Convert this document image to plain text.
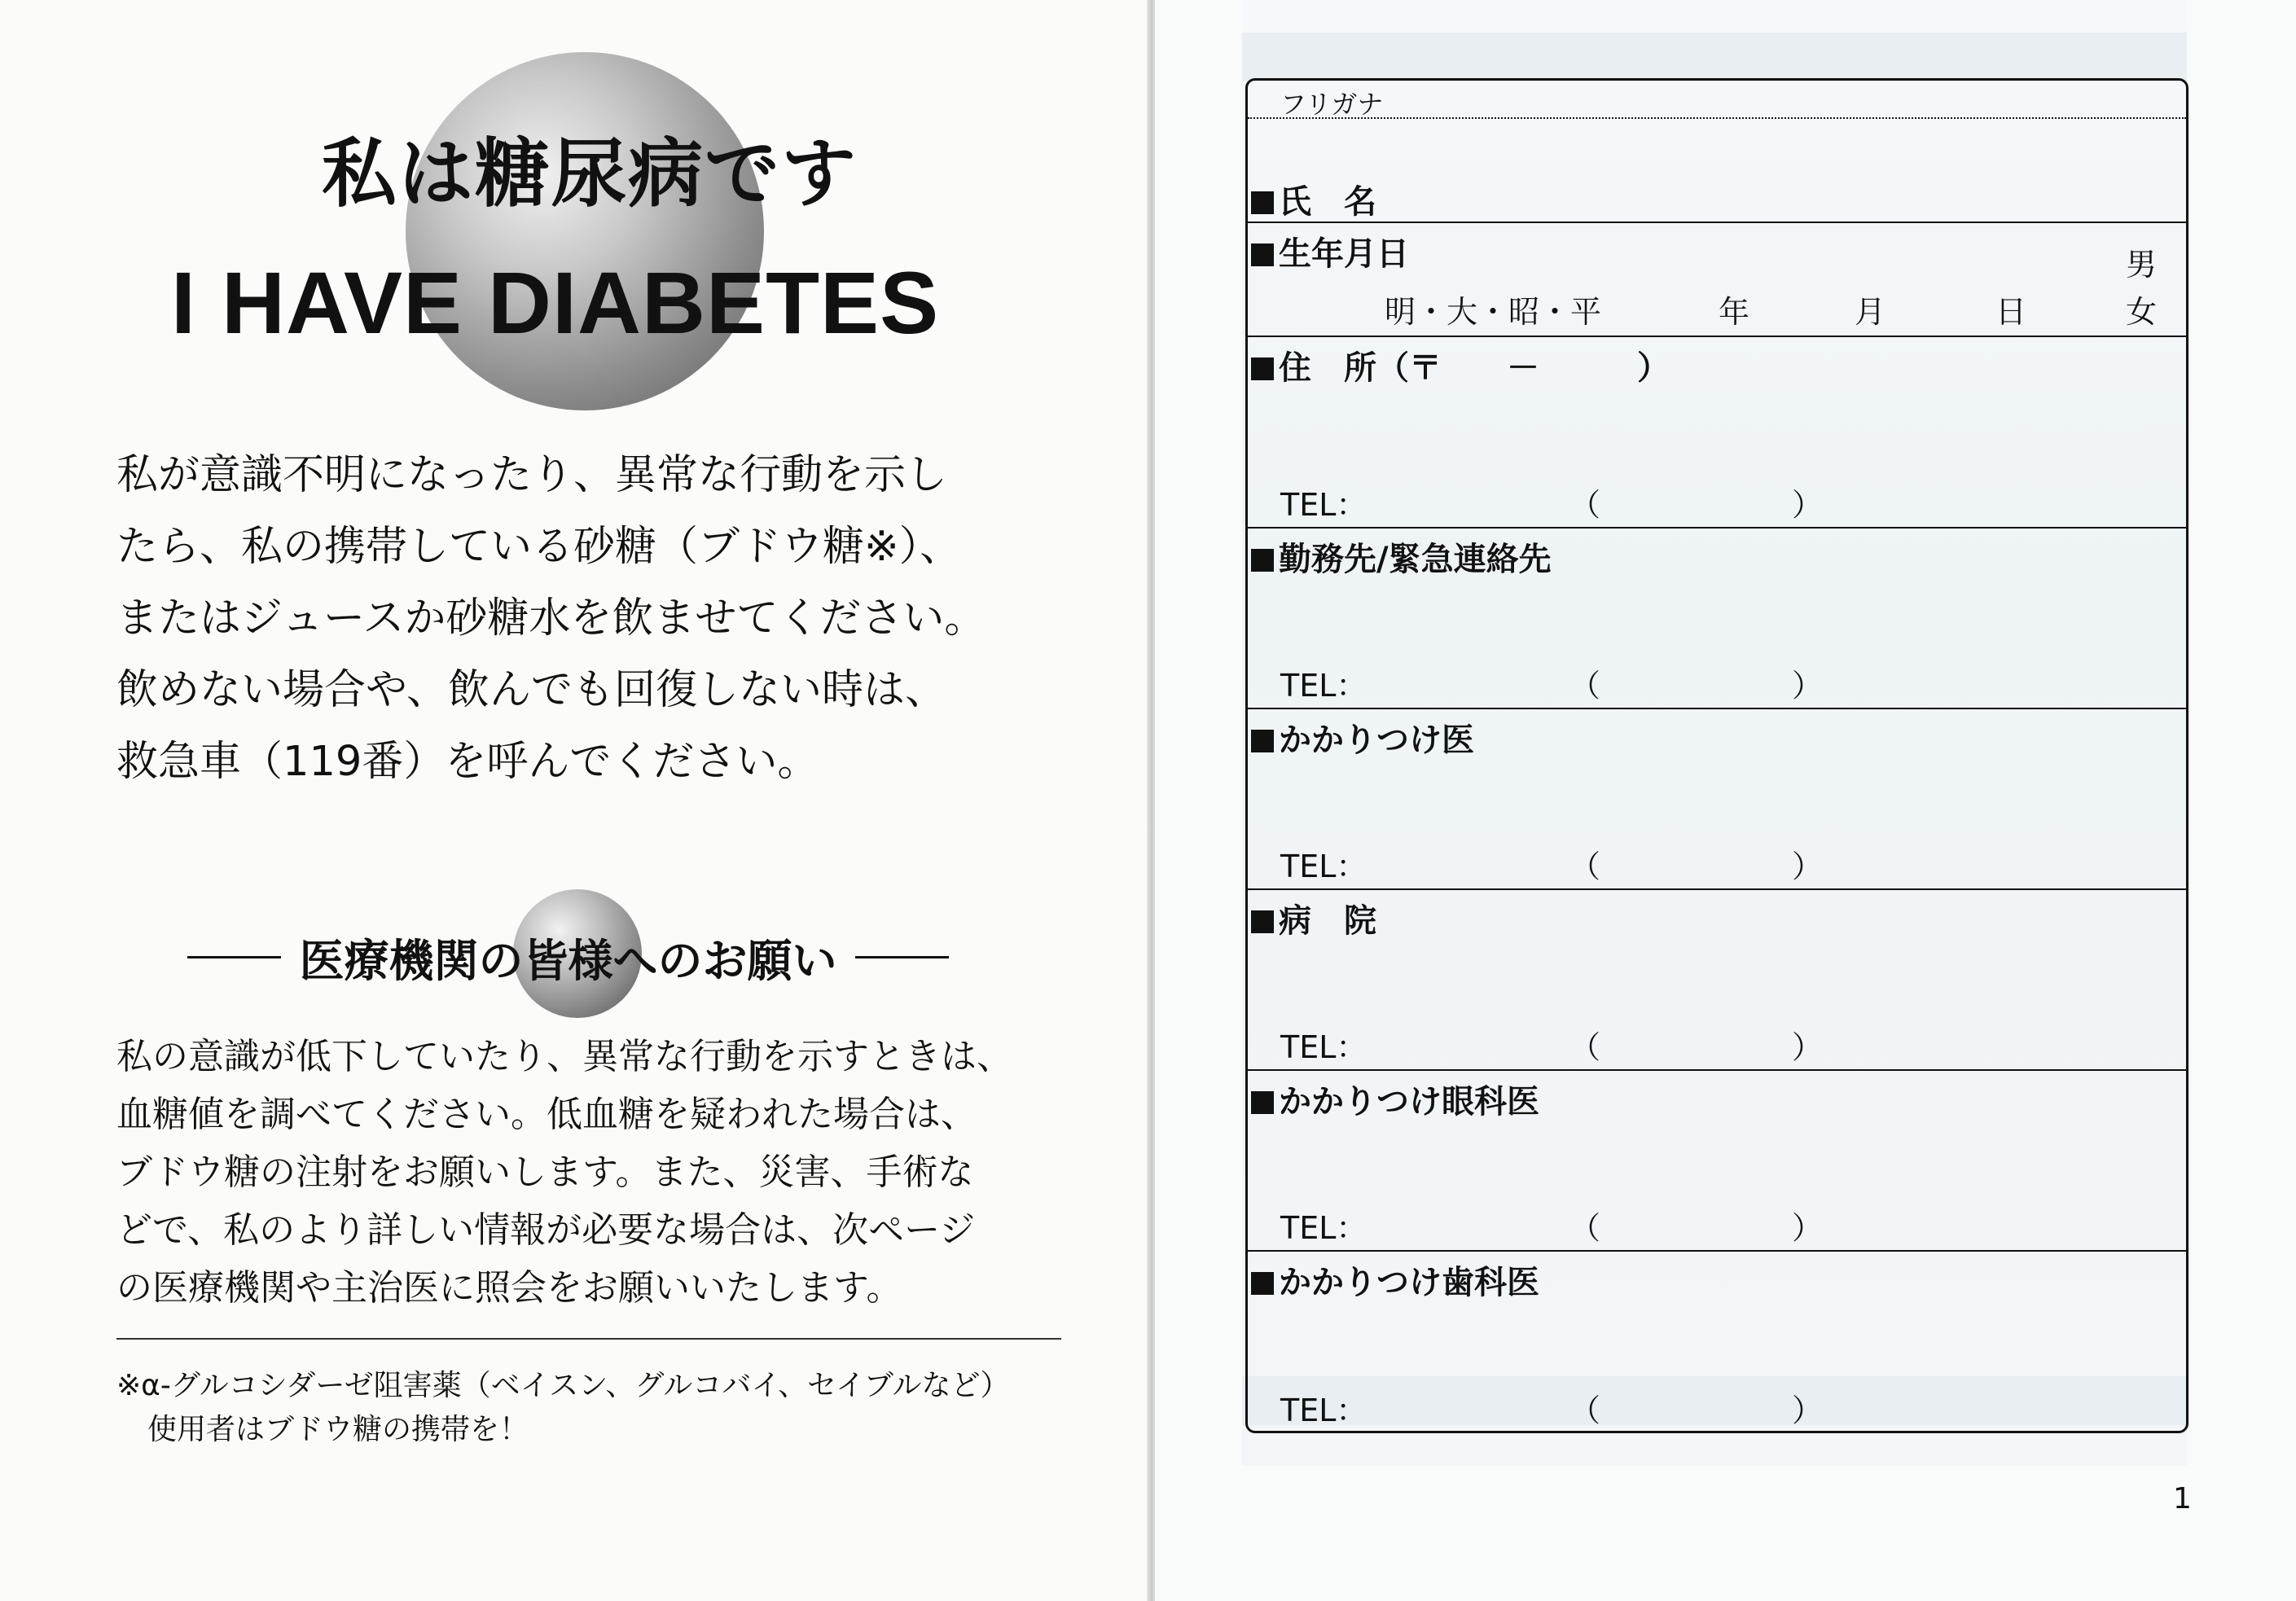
私は糖尿病です
I HAVE DIABETES

私が意識不明になったり、異常な行動を示し

たら、私の携帯している砂糖（ブドウ糖※）、

またはジュースか砂糖水を飲ませてください。

飲めない場合や、飲んでも回復しない時は、

救急車（119番）を呼んでください。

医療機関の皆様へのお願い

私の意識が低下していたり、異常な行動を示すときは、

血糖値を調べてください。低血糖を疑われた場合は、

ブドウ糖の注射をお願いします。また、災害、手術な

どで、私のより詳しい情報が必要な場合は、次ページ

の医療機関や主治医に照会をお願いいたします。

※α-グルコシダーゼ阻害薬（ベイスン、グルコバイ、セイブルなど）

使用者はブドウ糖の携帯を！

フリガナ
氏　名
生年月日
明・大・昭・平	年	月	日
男
女
住　所（〒　　－　　　）
TEL：	（	）
勤務先/緊急連絡先
TEL：	（	）
かかりつけ医
TEL：	（	）
病　院
TEL：	（	）
かかりつけ眼科医
TEL：	（	）
かかりつけ歯科医
TEL：	（	）
1
